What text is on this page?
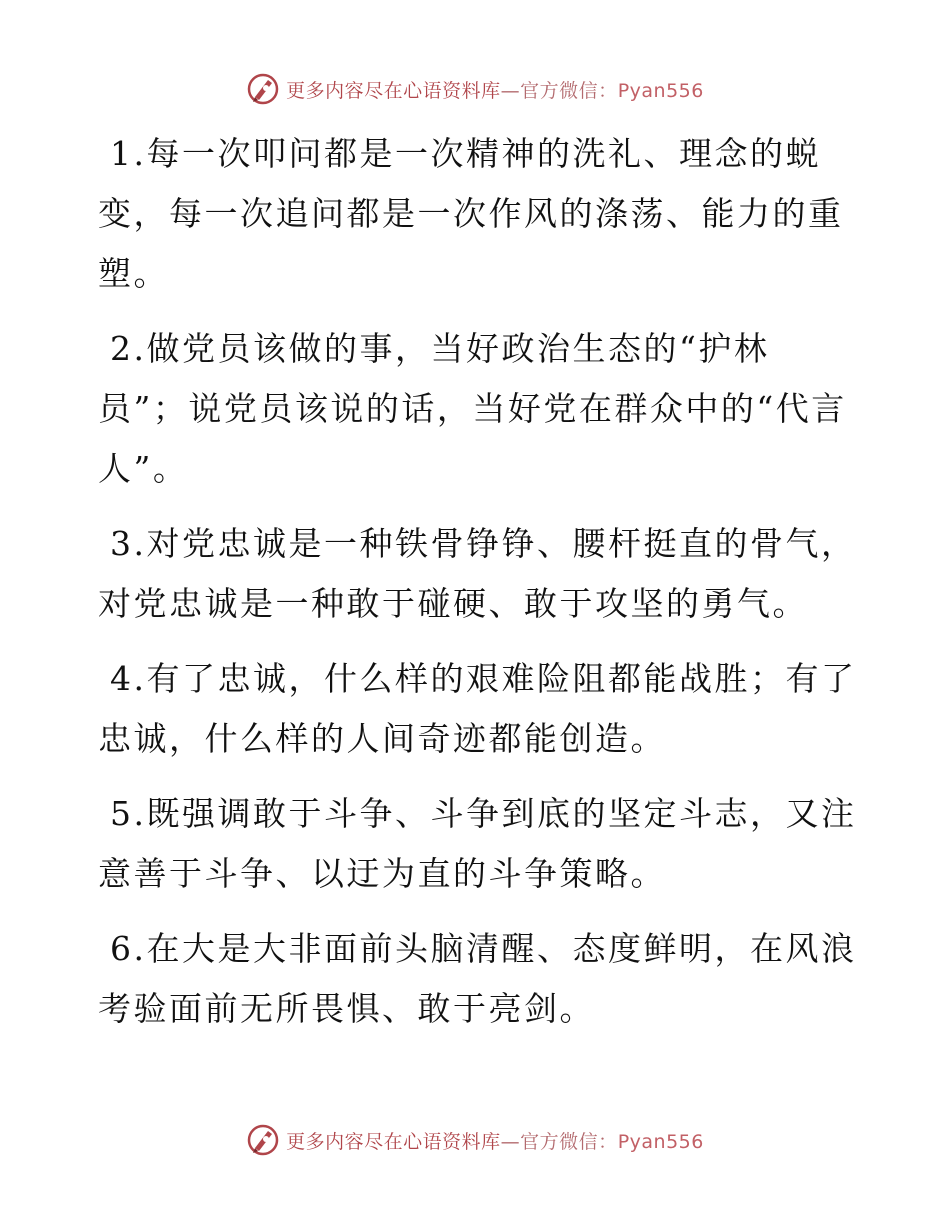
更多内容尽在心语资料库—官方微信：Pyan556

1.每一次叩问都是一次精神的洗礼、理念的蜕变，每一次追问都是一次作风的涤荡、能力的重塑。

2.做党员该做的事，当好政治生态的“护林员”；说党员该说的话，当好党在群众中的“代言人”。

3.对党忠诚是一种铁骨铮铮、腰杆挺直的骨气，对党忠诚是一种敢于碰硬、敢于攻坚的勇气。

4.有了忠诚，什么样的艰难险阻都能战胜；有了忠诚，什么样的人间奇迹都能创造。

5.既强调敢于斗争、斗争到底的坚定斗志，又注意善于斗争、以迂为直的斗争策略。

6.在大是大非面前头脑清醒、态度鲜明，在风浪考验面前无所畏惧、敢于亮剑。

更多内容尽在心语资料库—官方微信：Pyan556
